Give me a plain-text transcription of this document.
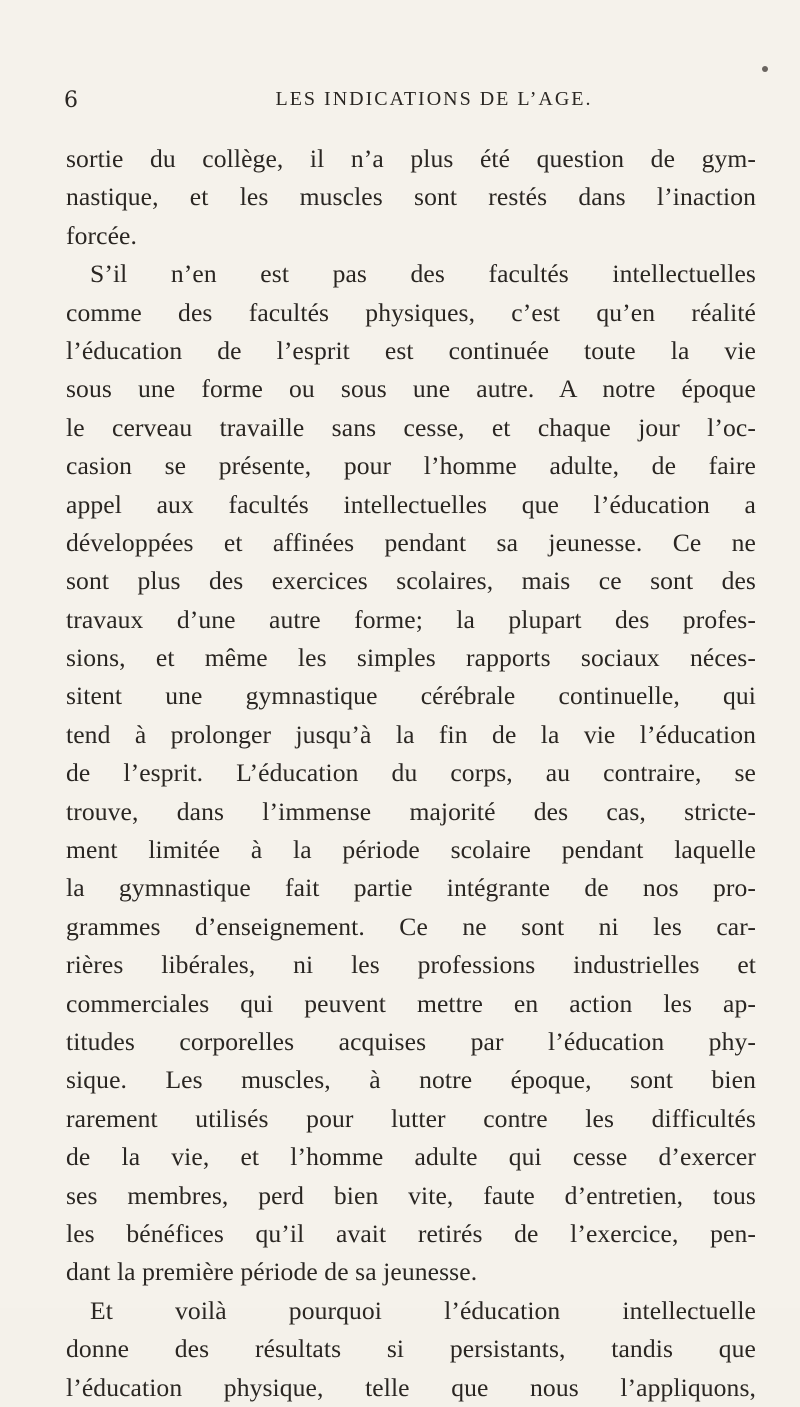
6	LES INDICATIONS DE L’AGE.
sortie du collège, il n’a plus été question de gym-
nastique, et les muscles sont restés dans l’inaction
forcée.
S’il n’en est pas des facultés intellectuelles
comme des facultés physiques, c’est qu’en réalité
l’éducation de l’esprit est continuée toute la vie
sous une forme ou sous une autre. A notre époque
le cerveau travaille sans cesse, et chaque jour l’oc-
casion se présente, pour l’homme adulte, de faire
appel aux facultés intellectuelles que l’éducation a
développées et affinées pendant sa jeunesse. Ce ne
sont plus des exercices scolaires, mais ce sont des
travaux d’une autre forme; la plupart des profes-
sions, et même les simples rapports sociaux néces-
sitent une gymnastique cérébrale continuelle, qui
tend à prolonger jusqu’à la fin de la vie l’éducation
de l’esprit. L’éducation du corps, au contraire, se
trouve, dans l’immense majorité des cas, stricte-
ment limitée à la période scolaire pendant laquelle
la gymnastique fait partie intégrante de nos pro-
grammes d’enseignement. Ce ne sont ni les car-
rières libérales, ni les professions industrielles et
commerciales qui peuvent mettre en action les ap-
titudes corporelles acquises par l’éducation phy-
sique. Les muscles, à notre époque, sont bien
rarement utilisés pour lutter contre les difficultés
de la vie, et l’homme adulte qui cesse d’exercer
ses membres, perd bien vite, faute d’entretien, tous
les bénéfices qu’il avait retirés de l’exercice, pen-
dant la première période de sa jeunesse.
Et voilà pourquoi l’éducation intellectuelle
donne des résultats si persistants, tandis que
l’éducation physique, telle que nous l’appliquons,
